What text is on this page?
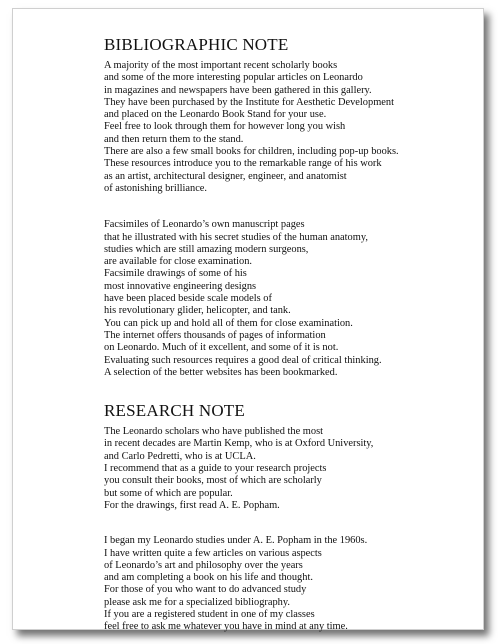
BIBLIOGRAPHIC NOTE

A majority of the most important recent scholarly books
and some of the more interesting popular articles on Leonardo
in magazines and newspapers have been gathered in this gallery.
They have been purchased by the Institute for Aesthetic Development
and placed on the Leonardo Book Stand for your use.
Feel free to look through them for however long you wish
and then return them to the stand.
There are also a few small books for children, including pop-up books.
These resources introduce you to the remarkable range of his work
as an artist, architectural designer, engineer, and anatomist
of astonishing brilliance.

Facsimiles of Leonardo’s own manuscript pages
that he illustrated with his secret studies of the human anatomy,
studies which are still amazing modern surgeons,
are available for close examination.
Facsimile drawings of some of his
most innovative engineering designs
have been placed beside scale models of
his revolutionary glider, helicopter, and tank.
You can pick up and hold all of them for close examination.
The internet offers thousands of pages of information
on Leonardo. Much of it excellent, and some of it is not.
Evaluating such resources requires a good deal of critical thinking.
A selection of the better websites has been bookmarked.

RESEARCH NOTE

The Leonardo scholars who have published the most
in recent decades are Martin Kemp, who is at Oxford University,
and Carlo Pedretti, who is at UCLA.
I recommend that as a guide to your research projects
you consult their books, most of which are scholarly
but some of which are popular.
For the drawings, first read A. E. Popham.

I began my Leonardo studies under A. E. Popham in the 1960s.
I have written quite a few articles on various aspects
of Leonardo’s art and philosophy over the years
and am completing a book on his life and thought.
For those of you who want to do advanced study
please ask me for a specialized bibliography.
If you are a registered student in one of my classes
feel free to ask me whatever you have in mind at any time.
